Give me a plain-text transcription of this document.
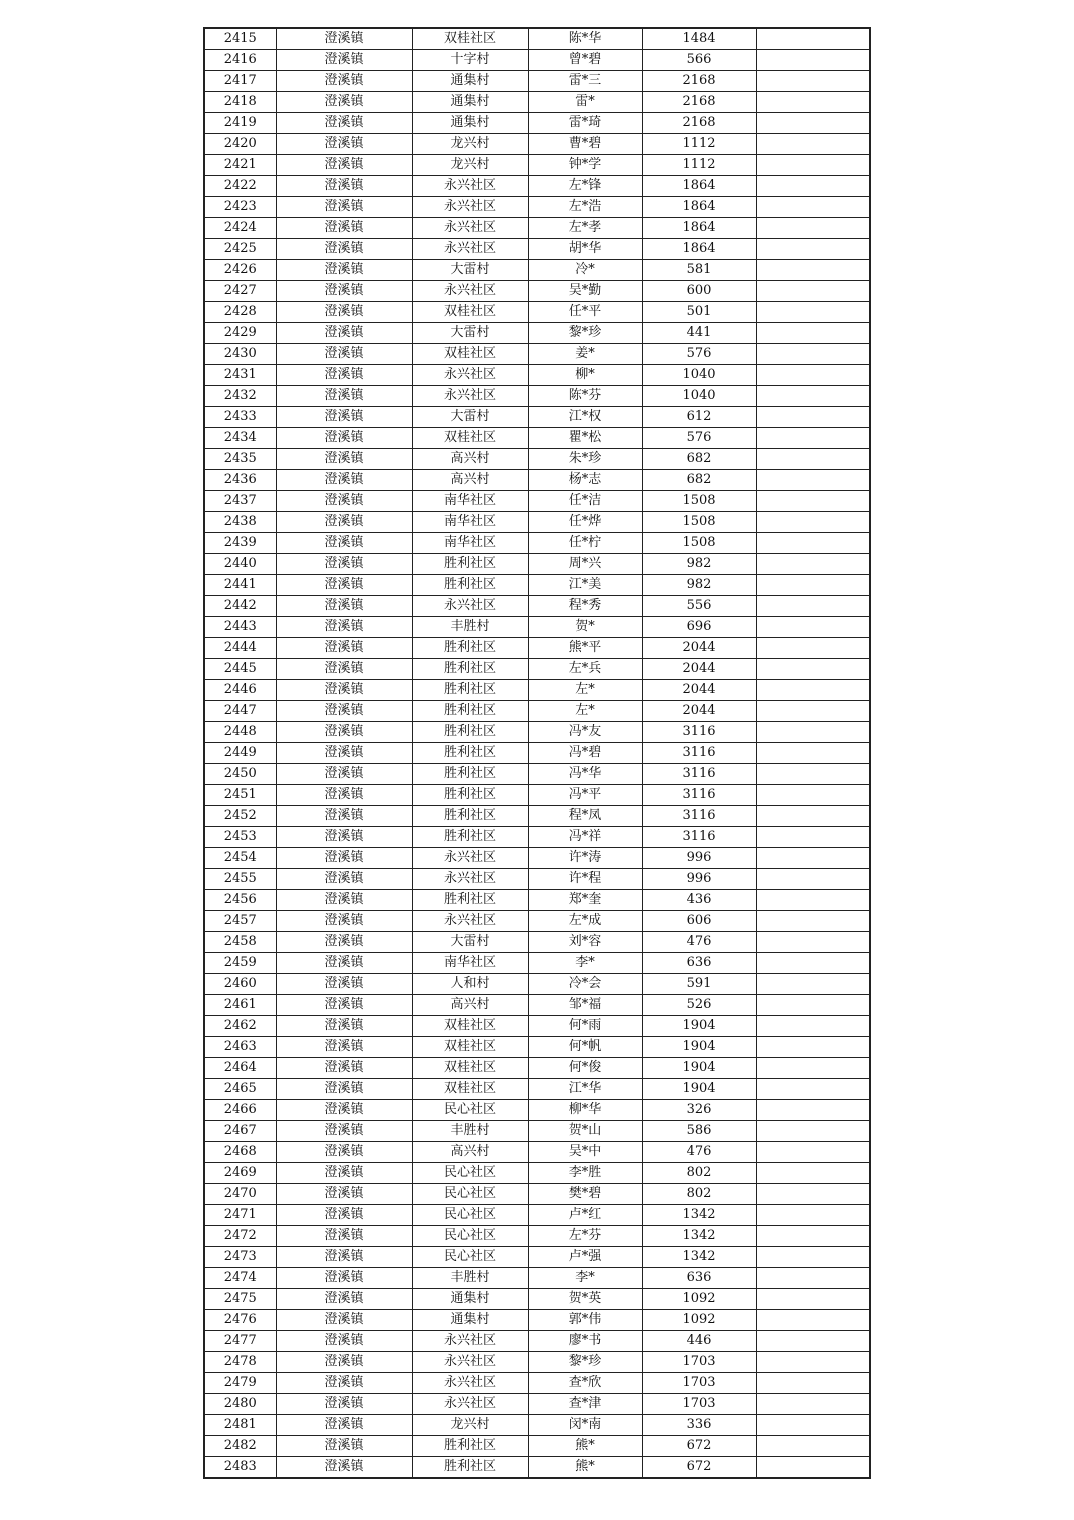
2415	澄溪镇	双桂社区	陈*华	1484	
2416	澄溪镇	十字村	曾*碧	566	
2417	澄溪镇	通集村	雷*三	2168	
2418	澄溪镇	通集村	雷*	2168	
2419	澄溪镇	通集村	雷*琦	2168	
2420	澄溪镇	龙兴村	曹*碧	1112	
2421	澄溪镇	龙兴村	钟*学	1112	
2422	澄溪镇	永兴社区	左*锋	1864	
2423	澄溪镇	永兴社区	左*浩	1864	
2424	澄溪镇	永兴社区	左*孝	1864	
2425	澄溪镇	永兴社区	胡*华	1864	
2426	澄溪镇	大雷村	冷*	581	
2427	澄溪镇	永兴社区	吴*勤	600	
2428	澄溪镇	双桂社区	任*平	501	
2429	澄溪镇	大雷村	黎*珍	441	
2430	澄溪镇	双桂社区	姜*	576	
2431	澄溪镇	永兴社区	柳*	1040	
2432	澄溪镇	永兴社区	陈*芬	1040	
2433	澄溪镇	大雷村	江*权	612	
2434	澄溪镇	双桂社区	瞿*松	576	
2435	澄溪镇	高兴村	朱*珍	682	
2436	澄溪镇	高兴村	杨*志	682	
2437	澄溪镇	南华社区	任*洁	1508	
2438	澄溪镇	南华社区	任*烨	1508	
2439	澄溪镇	南华社区	任*柠	1508	
2440	澄溪镇	胜利社区	周*兴	982	
2441	澄溪镇	胜利社区	江*美	982	
2442	澄溪镇	永兴社区	程*秀	556	
2443	澄溪镇	丰胜村	贺*	696	
2444	澄溪镇	胜利社区	熊*平	2044	
2445	澄溪镇	胜利社区	左*兵	2044	
2446	澄溪镇	胜利社区	左*	2044	
2447	澄溪镇	胜利社区	左*	2044	
2448	澄溪镇	胜利社区	冯*友	3116	
2449	澄溪镇	胜利社区	冯*碧	3116	
2450	澄溪镇	胜利社区	冯*华	3116	
2451	澄溪镇	胜利社区	冯*平	3116	
2452	澄溪镇	胜利社区	程*凤	3116	
2453	澄溪镇	胜利社区	冯*祥	3116	
2454	澄溪镇	永兴社区	许*涛	996	
2455	澄溪镇	永兴社区	许*程	996	
2456	澄溪镇	胜利社区	郑*奎	436	
2457	澄溪镇	永兴社区	左*成	606	
2458	澄溪镇	大雷村	刘*容	476	
2459	澄溪镇	南华社区	李*	636	
2460	澄溪镇	人和村	冷*会	591	
2461	澄溪镇	高兴村	邹*福	526	
2462	澄溪镇	双桂社区	何*雨	1904	
2463	澄溪镇	双桂社区	何*帆	1904	
2464	澄溪镇	双桂社区	何*俊	1904	
2465	澄溪镇	双桂社区	江*华	1904	
2466	澄溪镇	民心社区	柳*华	326	
2467	澄溪镇	丰胜村	贺*山	586	
2468	澄溪镇	高兴村	吴*中	476	
2469	澄溪镇	民心社区	李*胜	802	
2470	澄溪镇	民心社区	樊*碧	802	
2471	澄溪镇	民心社区	卢*红	1342	
2472	澄溪镇	民心社区	左*芬	1342	
2473	澄溪镇	民心社区	卢*强	1342	
2474	澄溪镇	丰胜村	李*	636	
2475	澄溪镇	通集村	贺*英	1092	
2476	澄溪镇	通集村	郭*伟	1092	
2477	澄溪镇	永兴社区	廖*书	446	
2478	澄溪镇	永兴社区	黎*珍	1703	
2479	澄溪镇	永兴社区	查*欣	1703	
2480	澄溪镇	永兴社区	查*津	1703	
2481	澄溪镇	龙兴村	闵*南	336	
2482	澄溪镇	胜利社区	熊*	672	
2483	澄溪镇	胜利社区	熊*	672	
